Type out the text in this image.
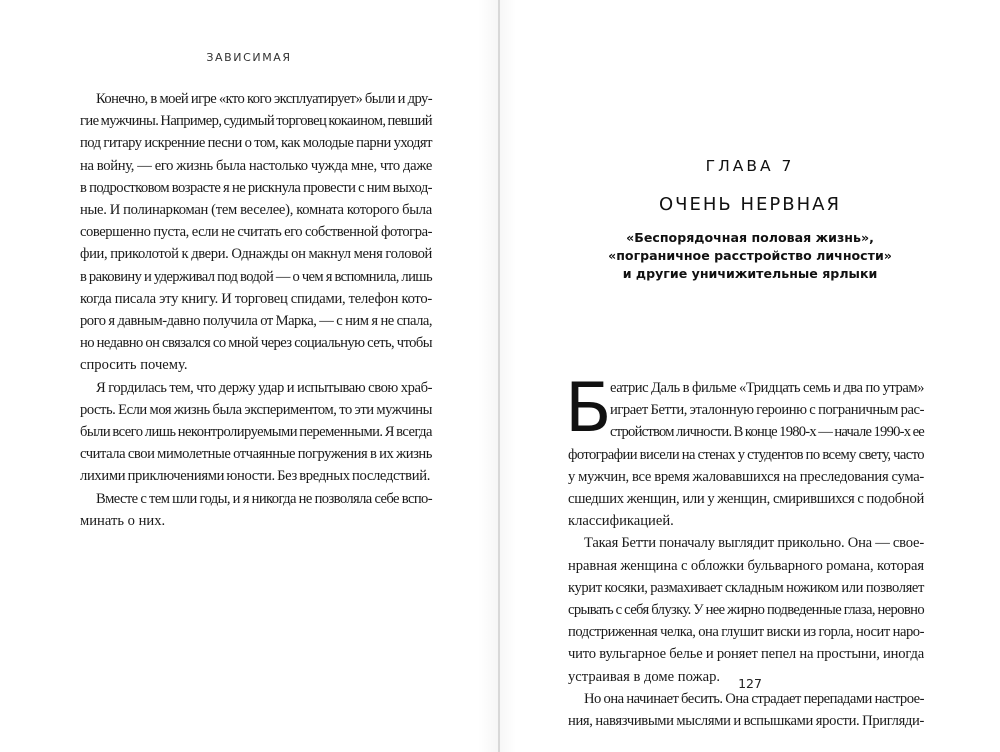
ЗАВИСИМАЯ
Конечно, в моей игре «кто кого эксплуатирует» были и дру-
гие мужчины. Например, судимый торговец кокаином, певший
под гитару искренние песни о том, как молодые парни уходят
на войну, — его жизнь была настолько чужда мне, что даже
в подростковом возрасте я не рискнула провести с ним выход-
ные. И полинаркоман (тем веселее), комната которого была
совершенно пуста, если не считать его собственной фотогра-
фии, приколотой к двери. Однажды он макнул меня головой
в раковину и удерживал под водой — о чем я вспомнила, лишь
когда писала эту книгу. И торговец спидами, телефон кото-
рого я давным-давно получила от Марка, — с ним я не спала,
но недавно он связался со мной через социальную сеть, чтобы
спросить почему.
Я гордилась тем, что держу удар и испытываю свою храб-
рость. Если моя жизнь была экспериментом, то эти мужчины
были всего лишь неконтролируемыми переменными. Я всегда
считала свои мимолетные отчаянные погружения в их жизнь
лихими приключениями юности. Без вредных последствий.
Вместе с тем шли годы, и я никогда не позволяла себе вспо-
минать о них.
ГЛАВА 7
ОЧЕНЬ НЕРВНАЯ
«Беспорядочная половая жизнь»,
«пограничное расстройство личности»
и другие уничижительные ярлыки
Б
еатрис Даль в фильме «Тридцать семь и два по утрам»
играет Бетти, эталонную героиню с пограничным рас-
стройством личности. В конце 1980-х — начале 1990-х ее
фотографии висели на стенах у студентов по всему свету, часто
у мужчин, все время жаловавшихся на преследования сума-
сшедших женщин, или у женщин, смирившихся с подобной
классификацией.
Такая Бетти поначалу выглядит прикольно. Она — свое-
нравная женщина с обложки бульварного романа, которая
курит косяки, размахивает складным ножиком или позволяет
срывать с себя блузку. У нее жирно подведенные глаза, неровно
подстриженная челка, она глушит виски из горла, носит наро-
чито вульгарное белье и роняет пепел на простыни, иногда
устраивая в доме пожар.
Но она начинает бесить. Она страдает перепадами настрое-
ния, навязчивыми мыслями и вспышками ярости. Пригляди-
127
